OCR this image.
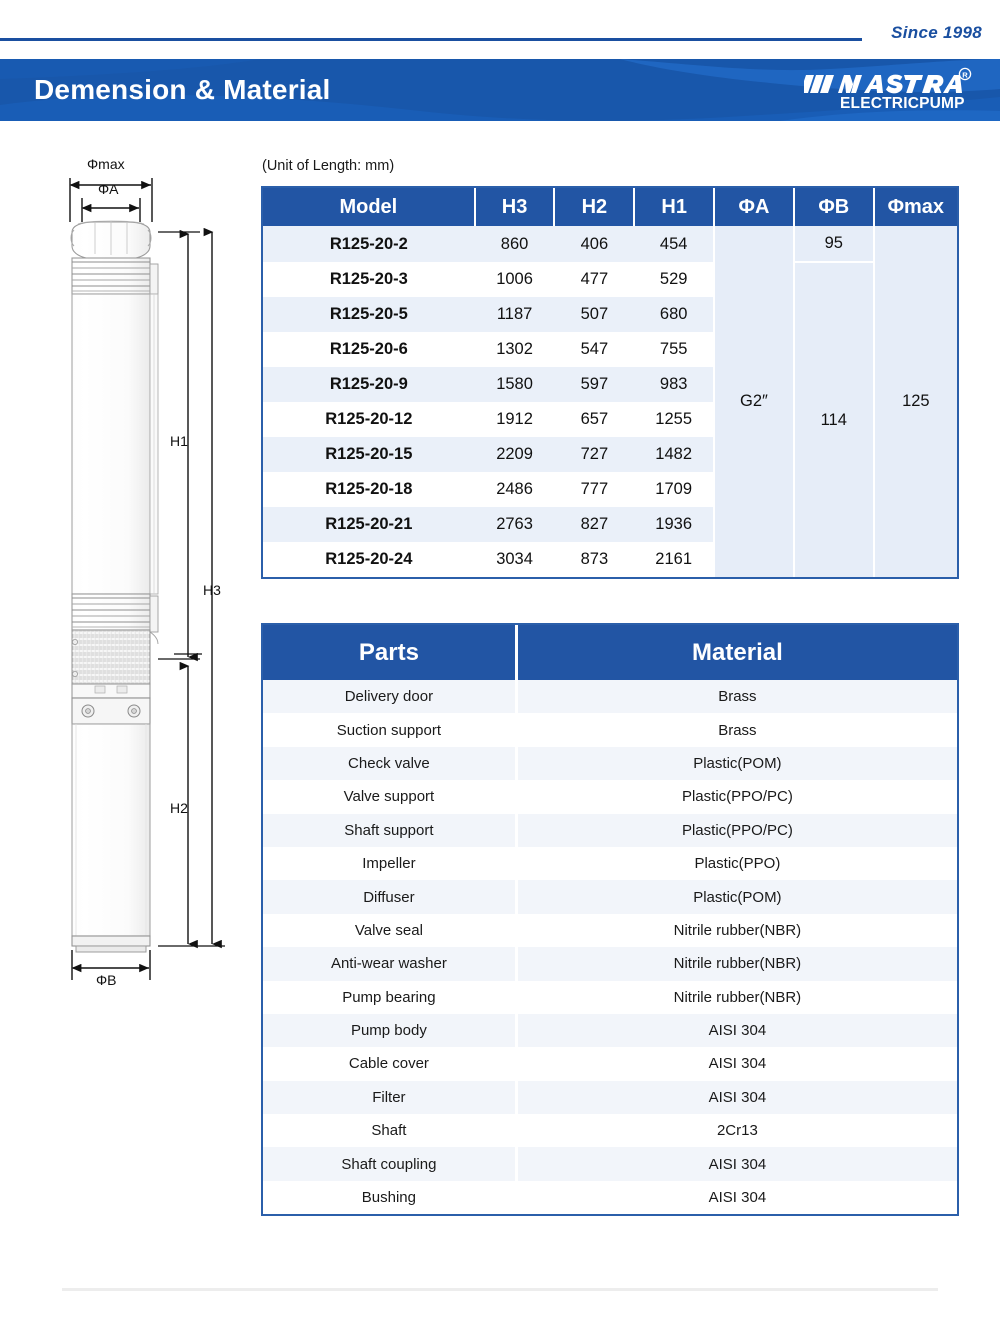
Since 1998
Demension & Material	R
ELECTRICPUMP
(Unit of Length: mm)
Model	H3	H2	H1	ΦA	ΦB	Φmax
R125-20-2	860	406	454	G2″	95	125
R125-20-3	1006	477	529		114	
R125-20-5	1187	507	680			
R125-20-6	1302	547	755			
R125-20-9	1580	597	983			
R125-20-12	1912	657	1255			
R125-20-15	2209	727	1482			
R125-20-18	2486	777	1709			
R125-20-21	2763	827	1936			
R125-20-24	3034	873	2161			
Parts	Material
Delivery door	Brass
Suction support	Brass
Check valve	Plastic(POM)
Valve support	Plastic(PPO/PC)
Shaft support	Plastic(PPO/PC)
Impeller	Plastic(PPO)
Diffuser	Plastic(POM)
Valve seal	Nitrile rubber(NBR)
Anti-wear washer	Nitrile rubber(NBR)
Pump bearing	Nitrile rubber(NBR)
Pump body	AISI 304
Cable cover	AISI 304
Filter	AISI 304
Shaft	2Cr13
Shaft coupling	AISI 304
Bushing	AISI 304
Φmax
ΦA
ΦB
H1
H2
H3
